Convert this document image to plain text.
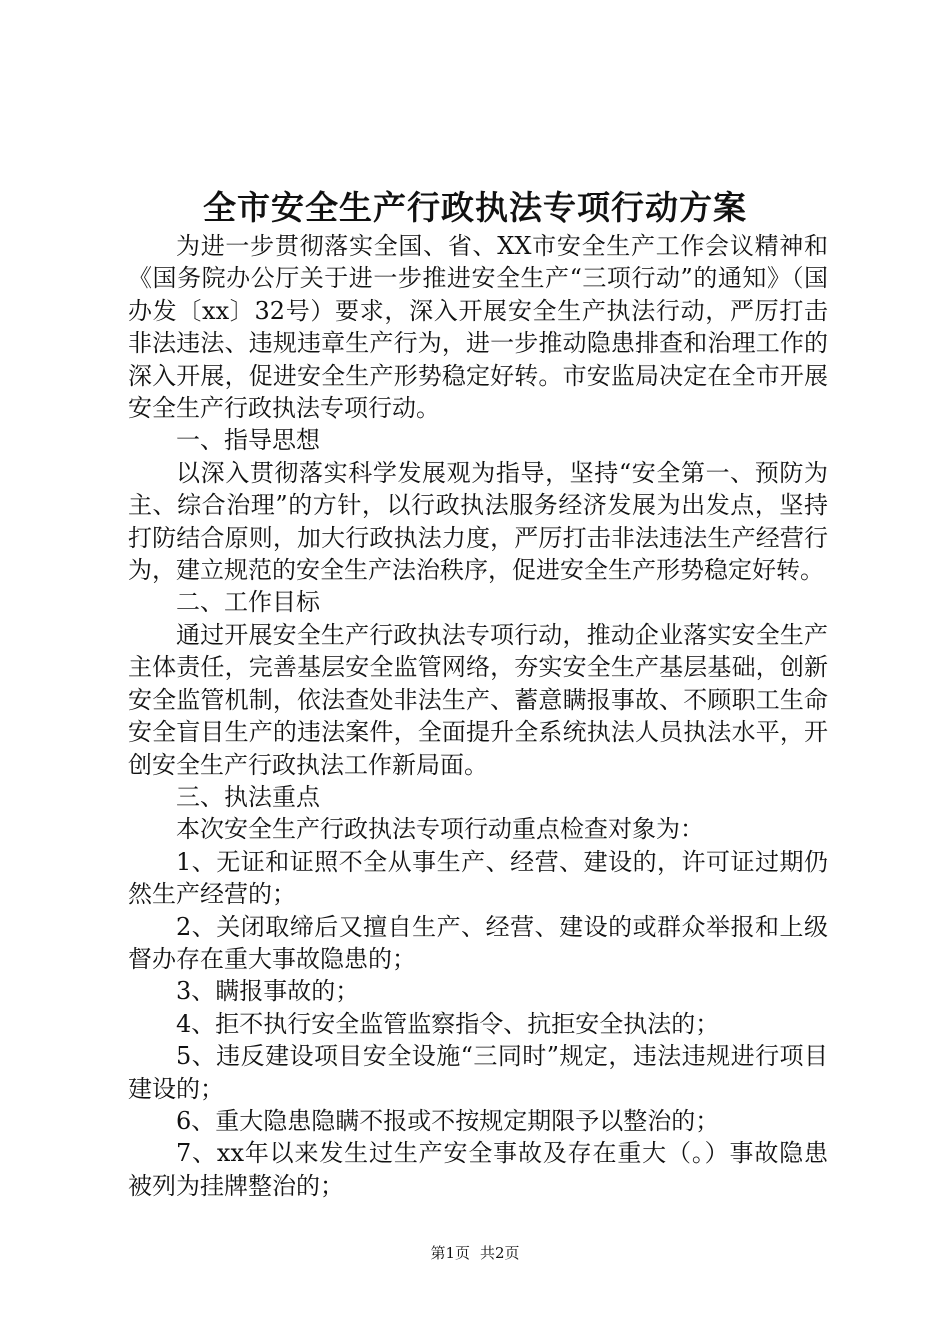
全市安全生产行政执法专项行动方案

为进一步贯彻落实全国、省、XX市安全生产工作会议精神和《国务院办公厅关于进一步推进安全生产“三项行动”的通知》（国办发〔xx〕32号）要求，深入开展安全生产执法行动，严厉打击非法违法、违规违章生产行为，进一步推动隐患排查和治理工作的深入开展，促进安全生产形势稳定好转。市安监局决定在全市开展安全生产行政执法专项行动。

一、指导思想

以深入贯彻落实科学发展观为指导，坚持“安全第一、预防为主、综合治理”的方针，以行政执法服务经济发展为出发点，坚持打防结合原则，加大行政执法力度，严厉打击非法违法生产经营行为，建立规范的安全生产法治秩序，促进安全生产形势稳定好转。

二、工作目标

通过开展安全生产行政执法专项行动，推动企业落实安全生产主体责任，完善基层安全监管网络，夯实安全生产基层基础，创新安全监管机制，依法查处非法生产、蓄意瞒报事故、不顾职工生命安全盲目生产的违法案件，全面提升全系统执法人员执法水平，开创安全生产行政执法工作新局面。

三、执法重点

本次安全生产行政执法专项行动重点检查对象为：

1、无证和证照不全从事生产、经营、建设的，许可证过期仍然生产经营的；

2、关闭取缔后又擅自生产、经营、建设的或群众举报和上级督办存在重大事故隐患的；

3、瞒报事故的；

4、拒不执行安全监管监察指令、抗拒安全执法的；

5、违反建设项目安全设施“三同时”规定，违法违规进行项目建设的；

6、重大隐患隐瞒不报或不按规定期限予以整治的；

7、xx年以来发生过生产安全事故及存在重大（。）事故隐患被列为挂牌整治的；

第1页 共2页
